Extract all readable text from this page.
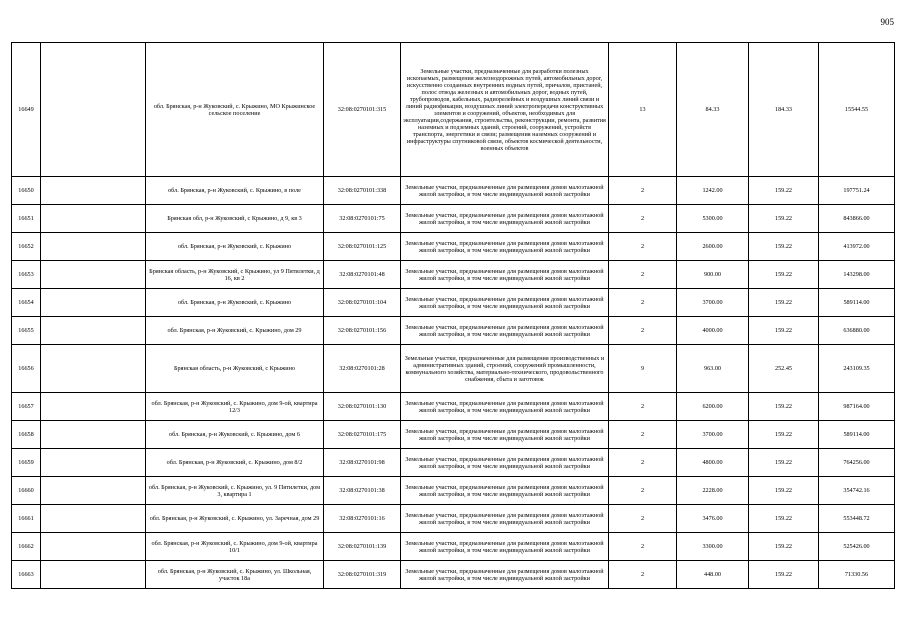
905
16649		обл. Брянская, р-н Жуковский, с. Крыжино, МО Крыжинское сельское поселение	32:08:0270101:315	Земельные участки, предназначенные для разработки полезных ископаемых, размещения железнодорожных путей, автомобильных дорог, искусственно созданных внутренних водных путей, причалов, пристаней, полос отвода железных и автомобильных дорог, водных путей, трубопроводов, кабельных, радиорелейных и воздушных линий связи и линий радиофикации, воздушных линий электропередачи конструктивных элементов и сооружений, объектов, необходимых для эксплуатации,содержания, строительства, реконструкции, ремонта, развития наземных и подземных зданий, строений, сооружений, устройств транспорта, энергетики и связи; размещения наземных сооружений и инфраструктуры спутниковой связи, объектов космической деятельности, военных объектов	13	84.33	184.33	15544.55
16650		обл. Брянская, р-н Жуковский, с. Крыжино, в поле	32:08:0270101:338	Земельные участки, предназначенные для размещения домов малоэтажной жилой застройки, в том числе индивидуальной жилой застройки	2	1242.00	159.22	197751.24
16651		Брянская обл, р-н Жуковский, с Крыжино, д 9, кв 3	32:08:0270101:75	Земельные участки, предназначенные для размещения домов малоэтажной жилой застройки, в том числе индивидуальной жилой застройки	2	5300.00	159.22	843866.00
16652		обл. Брянская, р-н Жуковский, с. Крыжино	32:08:0270101:125	Земельные участки, предназначенные для размещения домов малоэтажной жилой застройки, в том числе индивидуальной жилой застройки	2	2600.00	159.22	413972.00
16653		Брянская область, р-н Жуковский, с Крыжино, ул 9 Пятилетки, д 16, кв 2	32:08:0270101:48	Земельные участки, предназначенные для размещения домов малоэтажной жилой застройки, в том числе индивидуальной жилой застройки	2	900.00	159.22	143298.00
16654		обл. Брянская, р-н Жуковский, с. Крыжино	32:08:0270101:104	Земельные участки, предназначенные для размещения домов малоэтажной жилой застройки, в том числе индивидуальной жилой застройки	2	3700.00	159.22	589114.00
16655		обл. Брянская, р-н Жуковский, с. Крыжино, дом 29	32:08:0270101:156	Земельные участки, предназначенные для размещения домов малоэтажной жилой застройки, в том числе индивидуальной жилой застройки	2	4000.00	159.22	636880.00
16656		Брянская область, р-н Жуковский, с Крыжино	32:08:0270101:28	Земельные участки, предназначенные для размещения производственных и административных зданий, строений, сооружений промышленности, коммунального хозяйства, материально-технического, продовольственного снабжения, сбыта и заготовок	9	963.00	252.45	243109.35
16657		обл. Брянская, р-н Жуковский, с. Крыжино, дом 9-ой, квартира 12/3	32:08:0270101:130	Земельные участки, предназначенные для размещения домов малоэтажной жилой застройки, в том числе индивидуальной жилой застройки	2	6200.00	159.22	987164.00
16658		обл. Брянская, р-н Жуковский, с. Крыжино, дом 6	32:08:0270101:175	Земельные участки, предназначенные для размещения домов малоэтажной жилой застройки, в том числе индивидуальной жилой застройки	2	3700.00	159.22	589114.00
16659		обл. Брянская, р-н Жуковский, с. Крыжино, дом 8/2	32:08:0270101:98	Земельные участки, предназначенные для размещения домов малоэтажной жилой застройки, в том числе индивидуальной жилой застройки	2	4800.00	159.22	764256.00
16660		обл. Брянская, р-н Жуковский, с. Крыжино, ул. 9 Пятилетки, дом 3, квартира 1	32:08:0270101:38	Земельные участки, предназначенные для размещения домов малоэтажной жилой застройки, в том числе индивидуальной жилой застройки	2	2228.00	159.22	354742.16
16661		обл. Брянская, р-н Жуковский, с. Крыжино, ул. Заречная, дом 29	32:08:0270101:16	Земельные участки, предназначенные для размещения домов малоэтажной жилой застройки, в том числе индивидуальной жилой застройки	2	3476.00	159.22	553448.72
16662		обл. Брянская, р-н Жуковский, с. Крыжино, дом 9-ой, квартира 10/1	32:08:0270101:139	Земельные участки, предназначенные для размещения домов малоэтажной жилой застройки, в том числе индивидуальной жилой застройки	2	3300.00	159.22	525426.00
16663		обл. Брянская, р-н Жуковский, с. Крыжино, ул. Школьная, участок 18а	32:08:0270101:319	Земельные участки, предназначенные для размещения домов малоэтажной жилой застройки, в том числе индивидуальной жилой застройки	2	448.00	159.22	71330.56
